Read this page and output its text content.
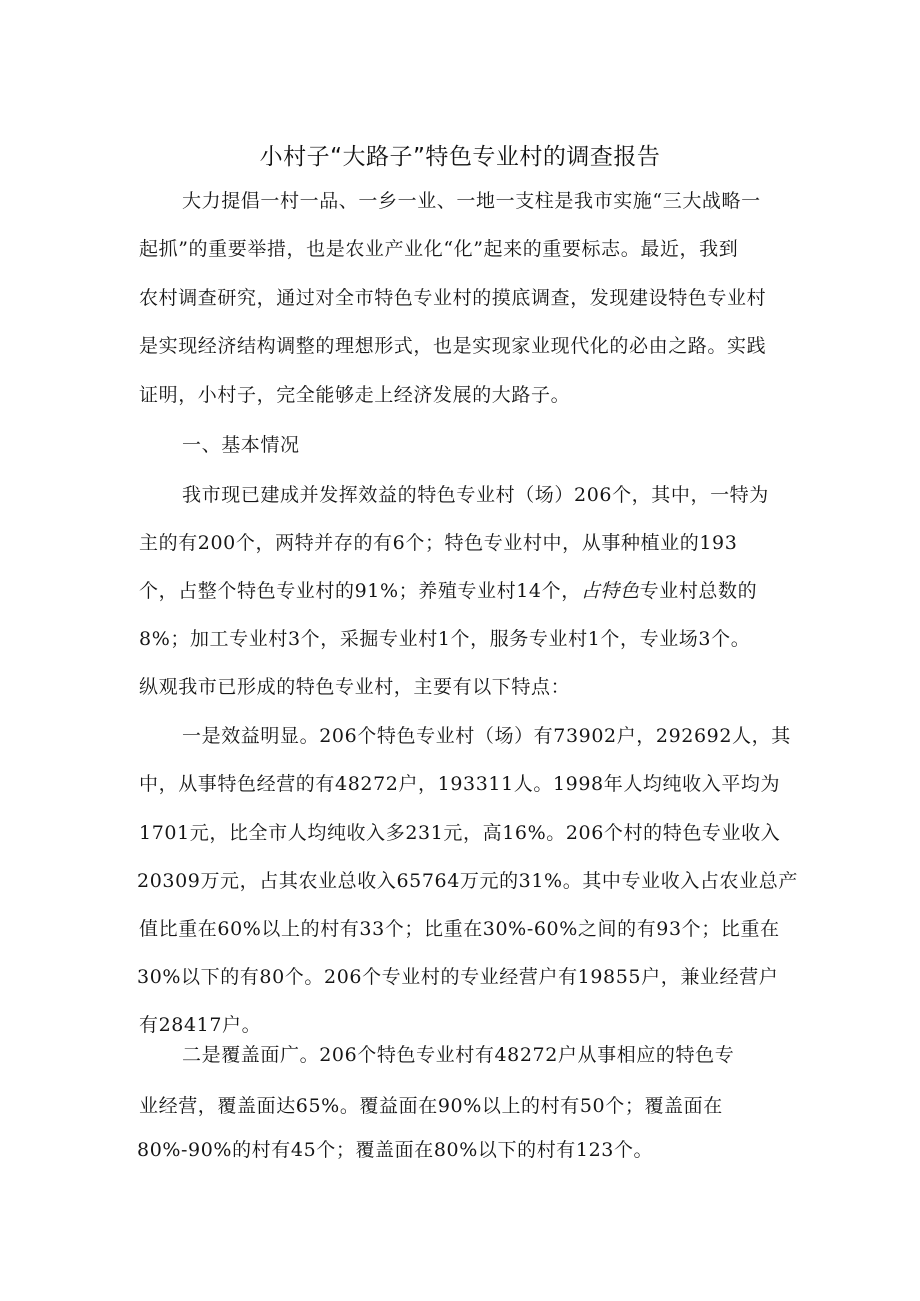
小村子“大路子”特色专业村的调查报告
大力提倡一村一品、一乡一业、一地一支柱是我市实施“三大战略一
起抓”的重要举措，也是农业产业化“化”起来的重要标志。最近，我到
农村调查研究，通过对全市特色专业村的摸底调查，发现建设特色专业村
是实现经济结构调整的理想形式，也是实现家业现代化的必由之路。实践
证明，小村子，完全能够走上经济发展的大路子。
一、基本情况
我市现已建成并发挥效益的特色专业村（场）206个，其中，一特为
主的有200个，两特并存的有6个；特色专业村中，从事种植业的193
个，占整个特色专业村的91%；养殖专业村14个，占特色专业村总数的
8%；加工专业村3个，采掘专业村1个，服务专业村1个，专业场3个。
纵观我市已形成的特色专业村，主要有以下特点：
一是效益明显。206个特色专业村（场）有73902户，292692人，其
中，从事特色经营的有48272户，193311人。1998年人均纯收入平均为
1701元，比全市人均纯收入多231元，高16%。206个村的特色专业收入
20309万元，占其农业总收入65764万元的31%。其中专业收入占农业总产
值比重在60%以上的村有33个；比重在30%-60%之间的有93个；比重在
30%以下的有80个。206个专业村的专业经营户有19855户，兼业经营户
有28417户。
二是覆盖面广。206个特色专业村有48272户从事相应的特色专
业经营，覆盖面达65%。覆益面在90%以上的村有50个；覆盖面在
80%-90%的村有45个；覆盖面在80%以下的村有123个。
